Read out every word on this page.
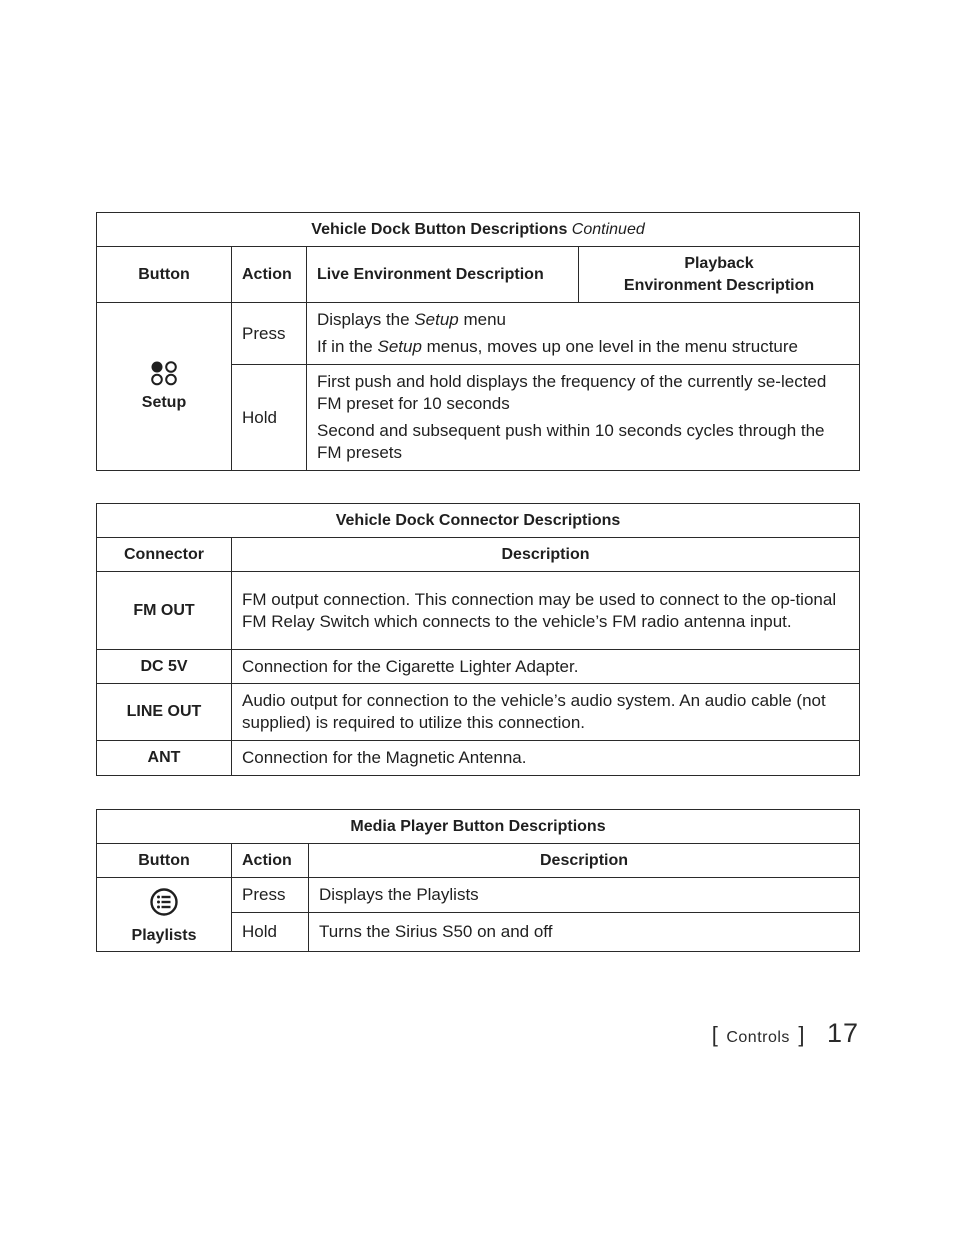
Vehicle Dock Button Descriptions Continued			
Button	Action	Live Environment Description	Playback
Environment Description

Setup	Press	Displays the Setup menu

If in the Setup menus, moves up one level in the menu structure	

	Hold	First push and hold displays the frequency of the currently se-lected FM preset for 10 seconds

Second and subsequent push within 10 seconds cycles through the FM presets	

Vehicle Dock Connector Descriptions	
Connector	Description
FM OUT	FM output connection. This connection may be used to connect to the op-tional FM Relay Switch which connects to the vehicle’s FM radio antenna input.
DC 5V	Connection for the Cigarette Lighter Adapter.
LINE OUT	Audio output for connection to the vehicle’s audio system. An audio cable (not supplied) is required to utilize this connection.
ANT	Connection for the Magnetic Antenna.
Media Player Button Descriptions		
Button	Action	Description

Playlists	Press	Displays the Playlists
	Hold	Turns the Sirius S50 on and off
[ Controls ] 17
